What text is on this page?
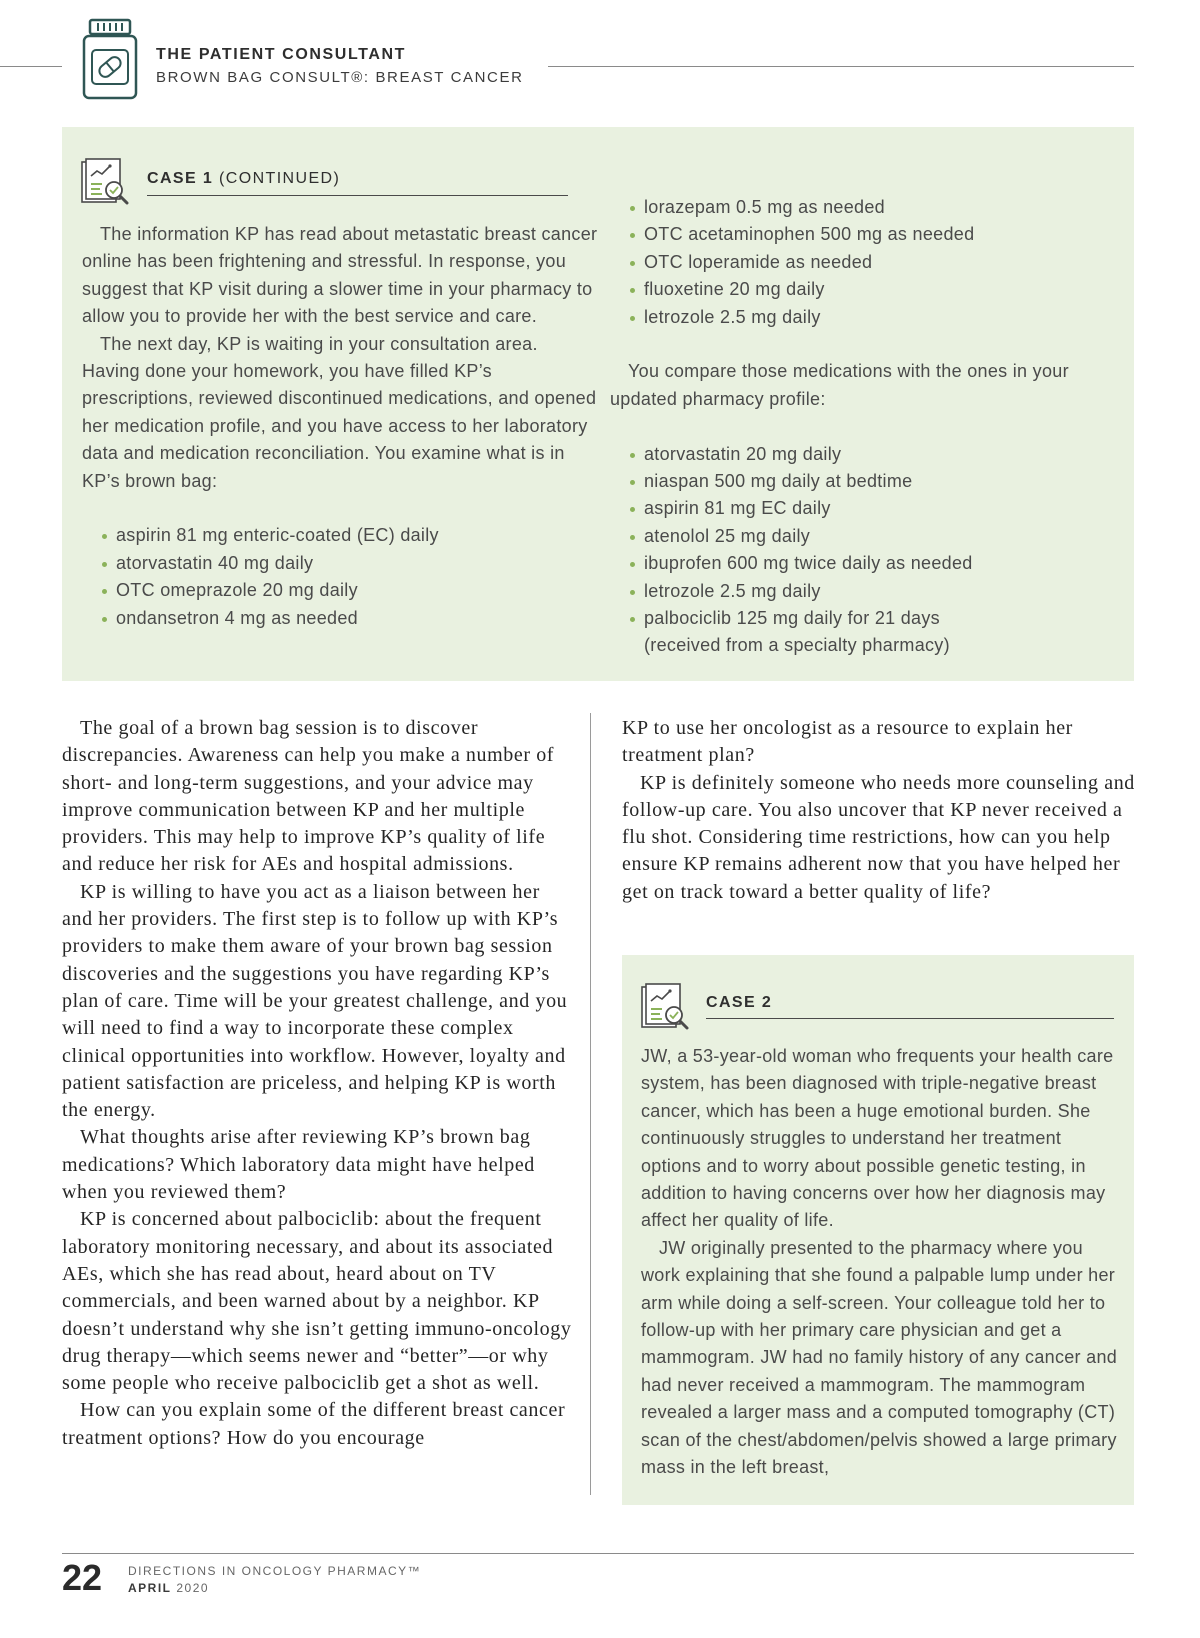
THE PATIENT CONSULTANT
BROWN BAG CONSULT®: BREAST CANCER
CASE 1 (CONTINUED)

The information KP has read about metastatic breast cancer online has been frightening and stressful. In response, you suggest that KP visit during a slower time in your pharmacy to allow you to provide her with the best service and care.

The next day, KP is waiting in your consultation area. Having done your homework, you have filled KP’s prescriptions, reviewed discontinued medications, and opened her medication profile, and you have access to her laboratory data and medication reconciliation. You examine what is in KP’s brown bag:

aspirin 81 mg enteric-coated (EC) daily
atorvastatin 40 mg daily
OTC omeprazole 20 mg daily
ondansetron 4 mg as needed
lorazepam 0.5 mg as needed
OTC acetaminophen 500 mg as needed
OTC loperamide as needed
fluoxetine 20 mg daily
letrozole 2.5 mg daily

You compare those medications with the ones in your updated pharmacy profile:

atorvastatin 20 mg daily
niaspan 500 mg daily at bedtime
aspirin 81 mg EC daily
atenolol 25 mg daily
ibuprofen 600 mg twice daily as needed
letrozole 2.5 mg daily
palbociclib 125 mg daily for 21 days (received from a specialty pharmacy)

The goal of a brown bag session is to discover discrepancies. Awareness can help you make a number of short- and long-term suggestions, and your advice may improve communication between KP and her multiple providers. This may help to improve KP’s quality of life and reduce her risk for AEs and hospital admissions.

KP is willing to have you act as a liaison between her and her providers. The first step is to follow up with KP’s providers to make them aware of your brown bag session discoveries and the suggestions you have regarding KP’s plan of care. Time will be your greatest challenge, and you will need to find a way to incorporate these complex clinical opportunities into workflow. However, loyalty and patient satisfaction are priceless, and helping KP is worth the energy.

What thoughts arise after reviewing KP’s brown bag medications? Which laboratory data might have helped when you reviewed them?

KP is concerned about palbociclib: about the frequent laboratory monitoring necessary, and about its associated AEs, which she has read about, heard about on TV commercials, and been warned about by a neighbor. KP doesn’t understand why she isn’t getting immuno-oncology drug therapy—which seems newer and “better”—or why some people who receive palbociclib get a shot as well.

How can you explain some of the different breast cancer treatment options? How do you encourage

KP to use her oncologist as a resource to explain her treatment plan?

KP is definitely someone who needs more counseling and follow-up care. You also uncover that KP never received a flu shot. Considering time restrictions, how can you help ensure KP remains adherent now that you have helped her get on track toward a better quality of life?

CASE 2

JW, a 53-year-old woman who frequents your health care system, has been diagnosed with triple-negative breast cancer, which has been a huge emotional burden. She continuously struggles to understand her treatment options and to worry about possible genetic testing, in addition to having concerns over how her diagnosis may affect her quality of life.

JW originally presented to the pharmacy where you work explaining that she found a palpable lump under her arm while doing a self-screen. Your colleague told her to follow-up with her primary care physician and get a mammogram. JW had no family history of any cancer and had never received a mammogram. The mammogram revealed a larger mass and a computed tomography (CT) scan of the chest/abdomen/pelvis showed a large primary mass in the left breast,

22 DIRECTIONS IN ONCOLOGY PHARMACY™
APRIL 2020
